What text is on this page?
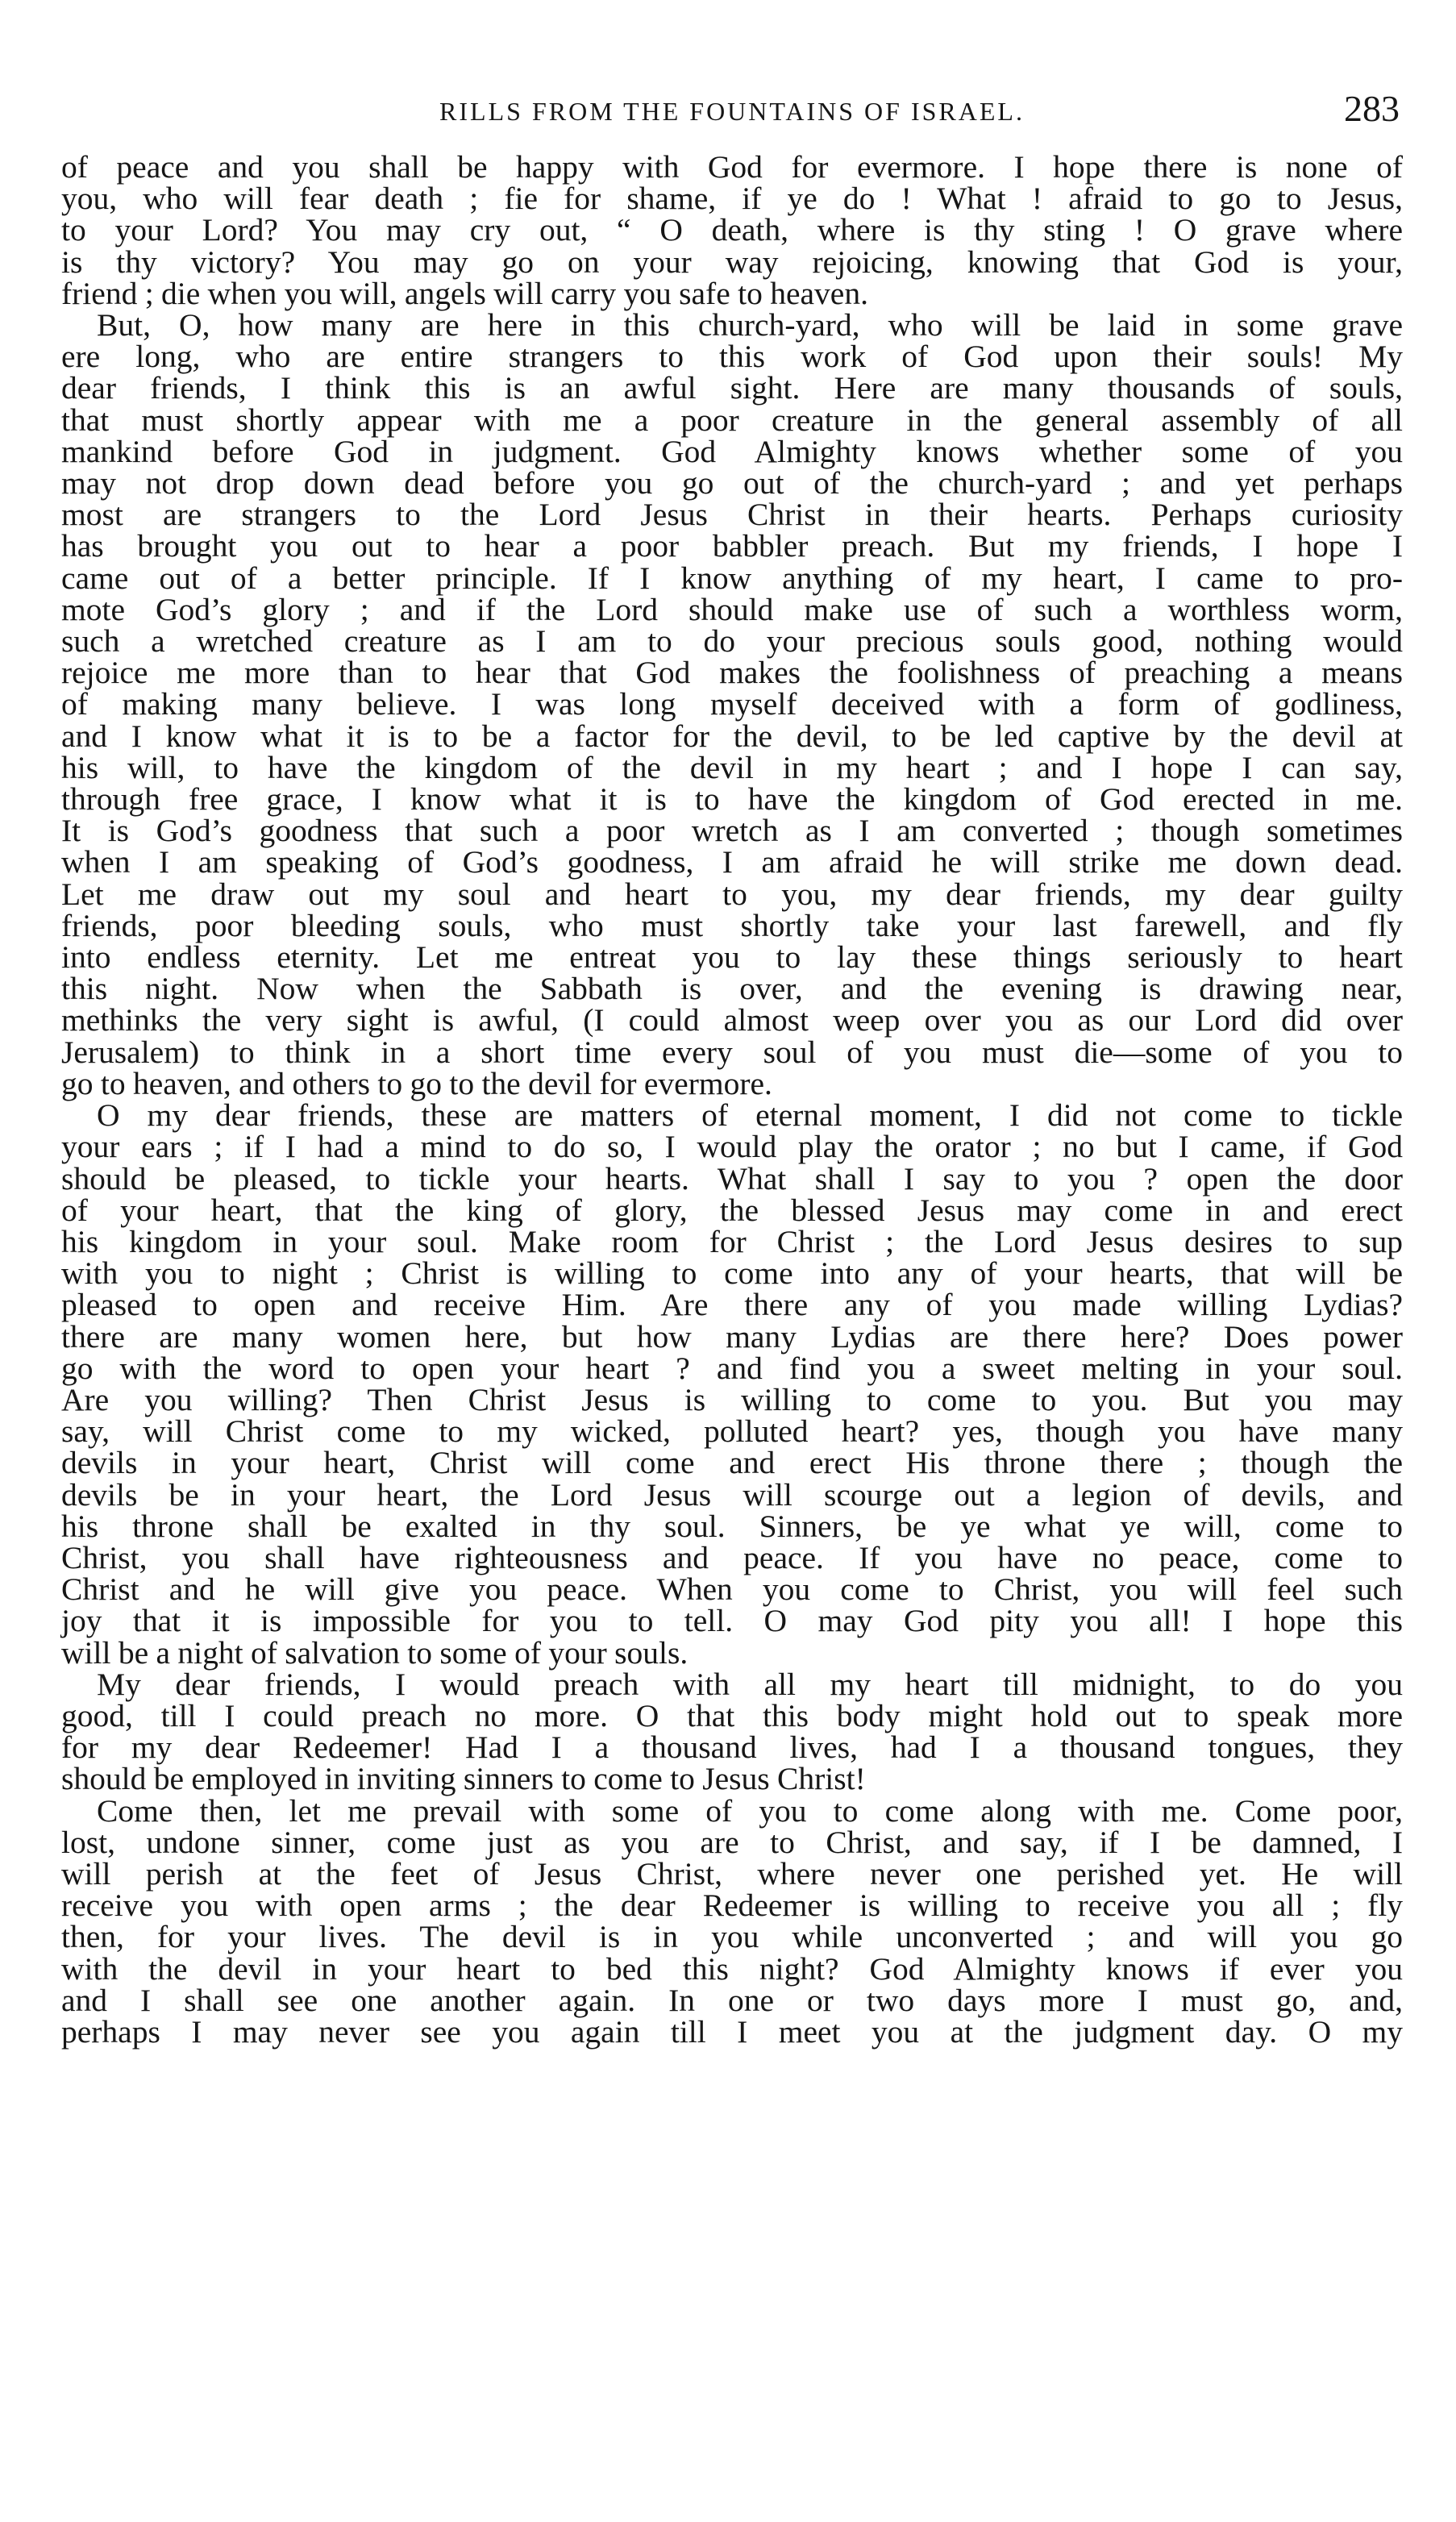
RILLS FROM THE FOUNTAINS OF ISRAEL.	283

of peace and you shall be happy with God for evermore. I hope there is none of
you, who will fear death ; fie for shame, if ye do ! What ! afraid to go to Jesus,
to your Lord? You may cry out, “ O death, where is thy sting ! O grave where
is thy victory? You may go on your way rejoicing, knowing that God is your,
friend ; die when you will, angels will carry you safe to heaven.

But, O, how many are here in this church-yard, who will be laid in some grave
ere long, who are entire strangers to this work of God upon their souls! My
dear friends, I think this is an awful sight. Here are many thousands of souls,
that must shortly appear with me a poor creature in the general assembly of all
mankind before God in judgment. God Almighty knows whether some of you
may not drop down dead before you go out of the church-yard ; and yet perhaps
most are strangers to the Lord Jesus Christ in their hearts. Perhaps curiosity
has brought you out to hear a poor babbler preach. But my friends, I hope I
came out of a better principle. If I know anything of my heart, I came to pro-
mote God’s glory ; and if the Lord should make use of such a worthless worm,
such a wretched creature as I am to do your precious souls good, nothing would
rejoice me more than to hear that God makes the foolishness of preaching a means
of making many believe. I was long myself deceived with a form of godliness,
and I know what it is to be a factor for the devil, to be led captive by the devil at
his will, to have the kingdom of the devil in my heart ; and I hope I can say,
through free grace, I know what it is to have the kingdom of God erected in me.
It is God’s goodness that such a poor wretch as I am converted ; though sometimes
when I am speaking of God’s goodness, I am afraid he will strike me down dead.
Let me draw out my soul and heart to you, my dear friends, my dear guilty
friends, poor bleeding souls, who must shortly take your last farewell, and fly
into endless eternity. Let me entreat you to lay these things seriously to heart
this night. Now when the Sabbath is over, and the evening is drawing near,
methinks the very sight is awful, (I could almost weep over you as our Lord did over
Jerusalem) to think in a short time every soul of you must die—some of you to
go to heaven, and others to go to the devil for evermore.

O my dear friends, these are matters of eternal moment, I did not come to tickle
your ears ; if I had a mind to do so, I would play the orator ; no but I came, if God
should be pleased, to tickle your hearts. What shall I say to you ? open the door
of your heart, that the king of glory, the blessed Jesus may come in and erect
his kingdom in your soul. Make room for Christ ; the Lord Jesus desires to sup
with you to night ; Christ is willing to come into any of your hearts, that will be
pleased to open and receive Him. Are there any of you made willing Lydias?
there are many women here, but how many Lydias are there here? Does power
go with the word to open your heart ? and find you a sweet melting in your soul.
Are you willing? Then Christ Jesus is willing to come to you. But you may
say, will Christ come to my wicked, polluted heart? yes, though you have many
devils in your heart, Christ will come and erect His throne there ; though the
devils be in your heart, the Lord Jesus will scourge out a legion of devils, and
his throne shall be exalted in thy soul. Sinners, be ye what ye will, come to
Christ, you shall have righteousness and peace. If you have no peace, come to
Christ and he will give you peace. When you come to Christ, you will feel such
joy that it is impossible for you to tell. O may God pity you all! I hope this
will be a night of salvation to some of your souls.

My dear friends, I would preach with all my heart till midnight, to do you
good, till I could preach no more. O that this body might hold out to speak more
for my dear Redeemer! Had I a thousand lives, had I a thousand tongues, they
should be employed in inviting sinners to come to Jesus Christ!

Come then, let me prevail with some of you to come along with me. Come poor,
lost, undone sinner, come just as you are to Christ, and say, if I be damned, I
will perish at the feet of Jesus Christ, where never one perished yet. He will
receive you with open arms ; the dear Redeemer is willing to receive you all ; fly
then, for your lives. The devil is in you while unconverted ; and will you go
with the devil in your heart to bed this night? God Almighty knows if ever you
and I shall see one another again. In one or two days more I must go, and,
perhaps I may never see you again till I meet you at the judgment day. O my
